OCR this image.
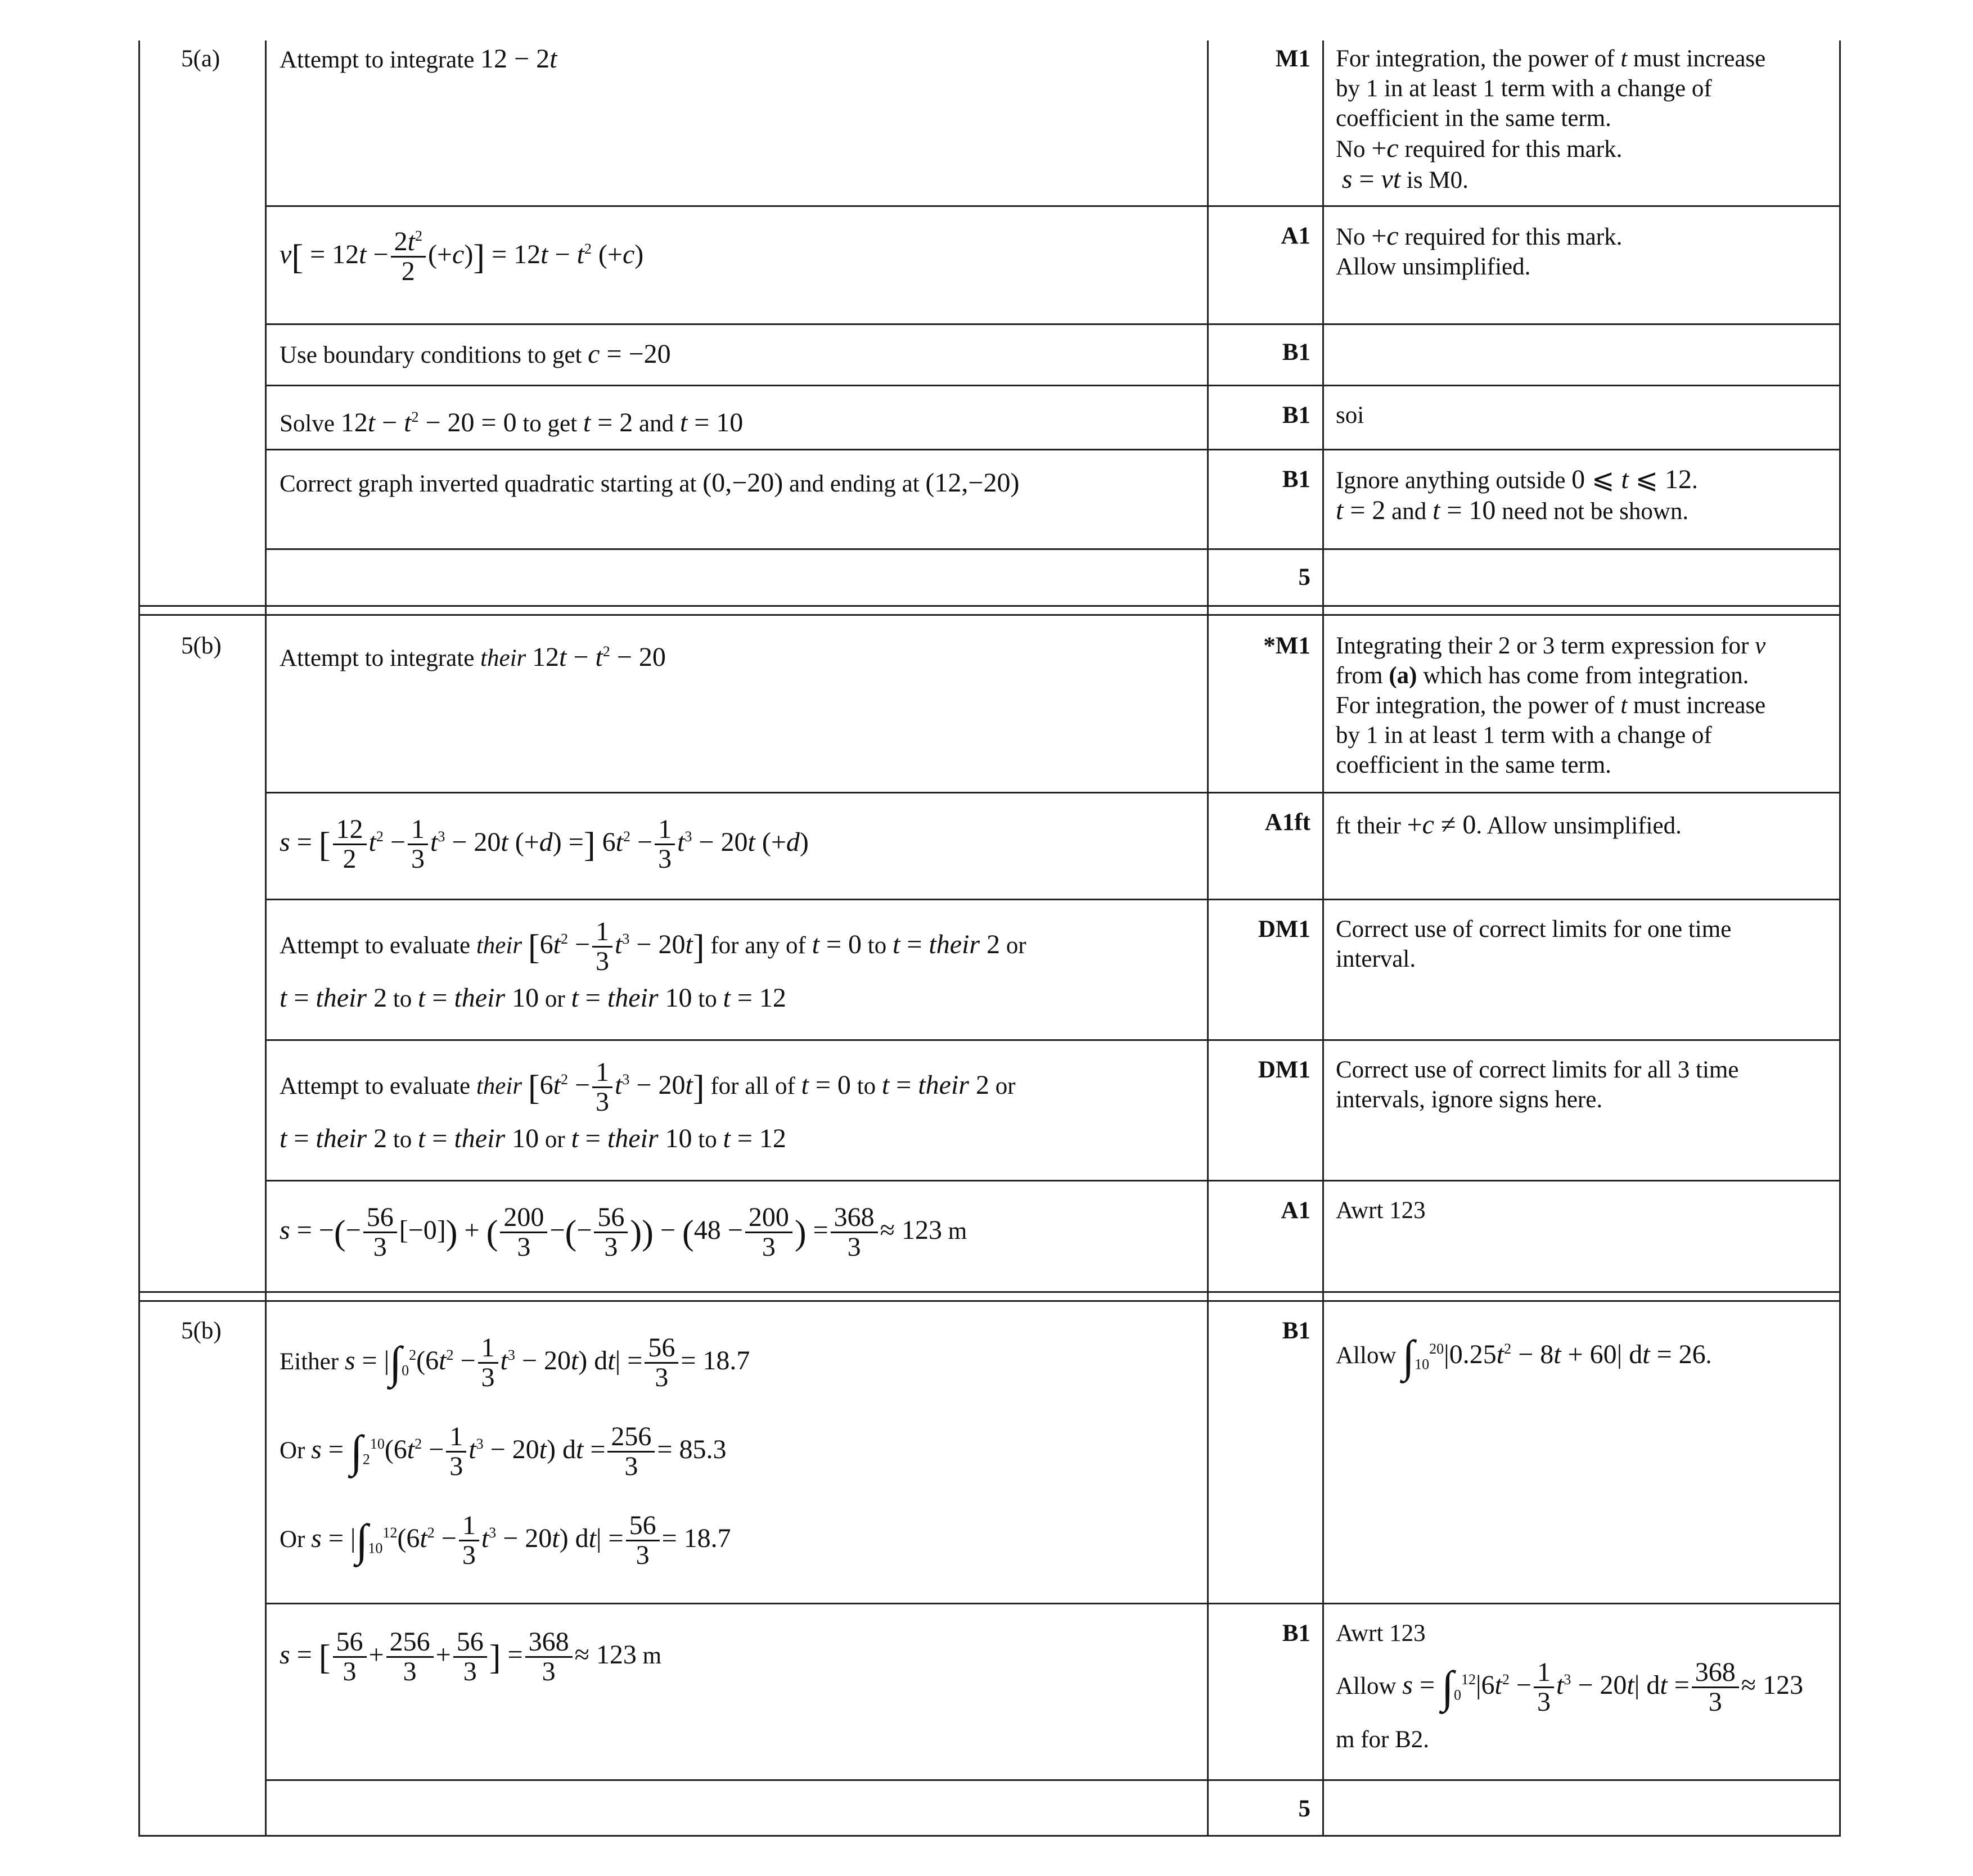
5(a)
5(b)
5(b)
M1
A1
B1
B1
B1
5
*M1
A1ft
DM1
DM1
A1
B1
B1
5
Attempt to integrate 12 − 2t
$v[ = 12t - \frac{2t^2}{2} (+c)] = 12t - t^2$ (+c)
Use boundary conditions to get c = −20
Solve $12t - t^2 - 20 = 0$ to get t = 2 and t = 10
Correct graph inverted quadratic starting at (0,−20) and ending at (12,−20)
For integration, the power of t must increase
by 1 in at least 1 term with a change of
coefficient in the same term.
No +c required for this mark.
s = vt is M0.
No +c required for this mark.
Allow unsimplified.
soi
Ignore anything outside 0 ⩽ t ⩽ 12.
t = 2 and t = 10 need not be shown.
Attempt to integrate their $12t - t^2 - 20$
s = [ $\frac{12}{2} t^2 - \frac{1}{3} t^3 - 20t$ (+d) =] $6t^2 - \frac{1}{3} t^3 - 20t$ (+d)
Attempt to evaluate their $[6t^2 - \frac{1}{3} t^3 - 20t]$ for any of t = 0 to t = their 2 or
t = their 2 to t = their 10 or t = their 10 to t = 12
Attempt to evaluate their $[6t^2 - \frac{1}{3} t^3 - 20t]$ for all of t = 0 to t = their 2 or
t = their 2 to t = their 10 or t = their 10 to t = 12
s = −(− $\frac{56}{3} [-0]$) + ( $\frac{200}{3}$ −(− $\frac{56}{3}$ )) − ($48 - \frac{200}{3}$ ) = $\frac{368}{3} \approx 123$ m
Integrating their 2 or 3 term expression for v
from (a) which has come from integration.
For integration, the power of t must increase
by 1 in at least 1 term with a change of
coefficient in the same term.
ft their +c ≠ 0. Allow unsimplified.
Correct use of correct limits for one time
interval.
Correct use of correct limits for all 3 time
intervals, ignore signs here.
Awrt 123
Either $s = |\int_0^2(6t^2 - \frac{1}{3} t^3 - 20t) dt| = \frac{56}{3} = 18.7$
Or $s = \int_2^{10}(6t^2 - \frac{1}{3} t^3 - 20t)$ dt = $\frac{256}{3} = 85.3$
Or $s = |\int_{10}^{12}(6t^2 - \frac{1}{3} t^3 - 20t) dt| = \frac{56}{3} = 18.7$
s = [ $\frac{56}{3} + \frac{256}{3} + \frac{56}{3}$ ] = $\frac{368}{3} \approx 123$ m
Allow $\int_{10}^{20}|0.25t^2 - 8t + 60|$ dt = 26.
Awrt 123
Allow $s = \int_0^{12}|6t^2 - \frac{1}{3} t^3 - 20t|$ dt = $\frac{368}{3} \approx 123$
m for B2.
